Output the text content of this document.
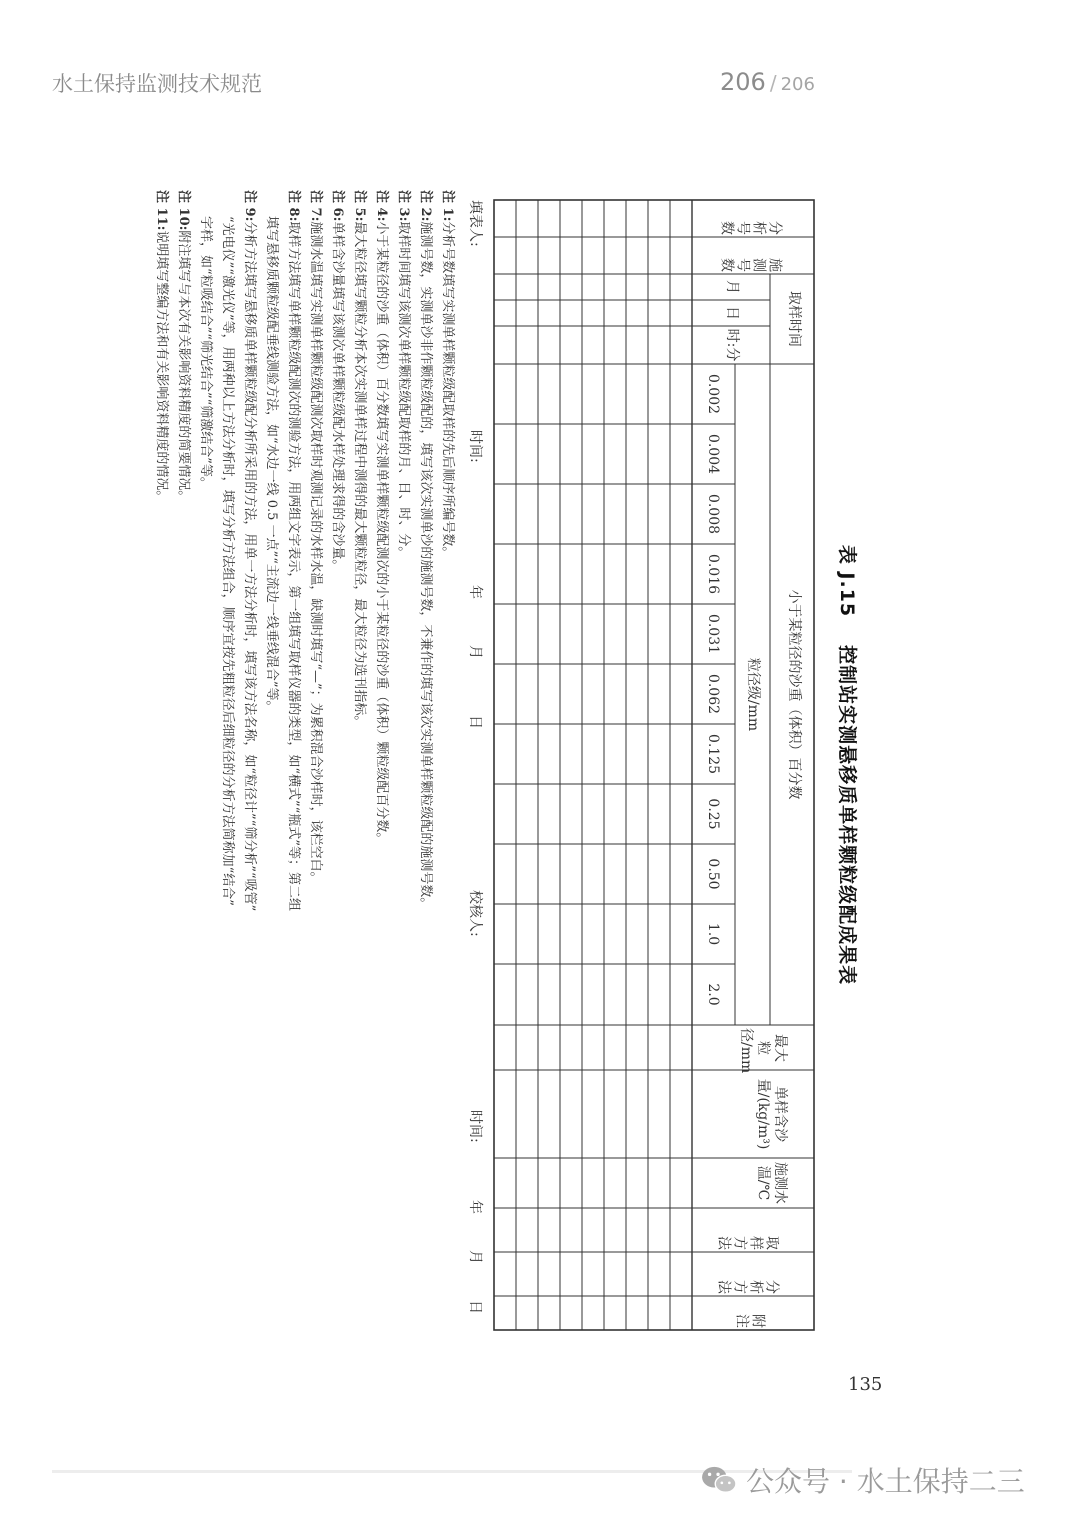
水土保持监测技术规范	206 / 206
表 J.15控制站实测悬移质单样颗粒级配成果表
分析号数
施测号数
取样时间
月
日
时:分
小于某粒径的沙重（体积）百分数
粒径级/mm
0.002
0.004
0.008
0.016
0.031
0.062
0.125
0.25
0.50
1.0
2.0
最大粒径/mm
单样含沙量/(kg/m³)
施测水温/℃
取样方法
分析方法
附注
填表人:
时间:
年
月
日
校核人:
时间:
年
月
日
注 1:分析号数填写实测单样颗粒级配取样的先后顺序所编号数。
注 2:施测号数，实测单沙非作颗粒级配的，填写该次实测单沙的施测号数，不兼作的填写该次实测单样颗粒级配的施测号数。
注 3:取样时间填写该测次单样颗粒级配取样的月、日、时、分。
注 4:小于某粒径的沙重（体积）百分数填写实测单样颗粒级配测次的小于某粒径的沙重（体积）颗粒级配百分数。
注 5:最大粒径填写颗粒分析本次实测单样过程中测得的最大颗粒粒径，最大粒径为选刊指标。
注 6:单样含沙量填写该测次单样颗粒级配水样处理求得的含沙量。
注 7:施测水温填写实测单样颗粒级配测次取样时观测记录的水样水温，缺测时填写“—”；为累积混合沙样时，该栏空白。
注 8:取样方法填写单样颗粒级配测次的测验方法，用两组文字表示，第一组填写取样仪器的类型，如“横式”“瓶式”等；第二组
填写悬移质颗粒级配垂线测验方法，如“水边一线 0.5 一点”“主流边一线垂线混合”等。
注 9:分析方法填写悬移质单样颗粒级配分析所采用的方法，用单一方法分析时，填写该方法名称，如“粒径计”“筛分析”“吸管”
“光电仪”“激光仪”等，用两种以上方法分析时，填写分析方法组合，顺序宜按先粗粒径后细粒径的分析方法简称加“结合”
字样，如“粒吸结合”“筛光结合”“筛激结合”等。
注 10:附注填写与本次有关影响资料精度的简要情况。
注 11:说明填写整编方法和有关影响资料精度的情况。
135
公众号 · 水土保持二三
